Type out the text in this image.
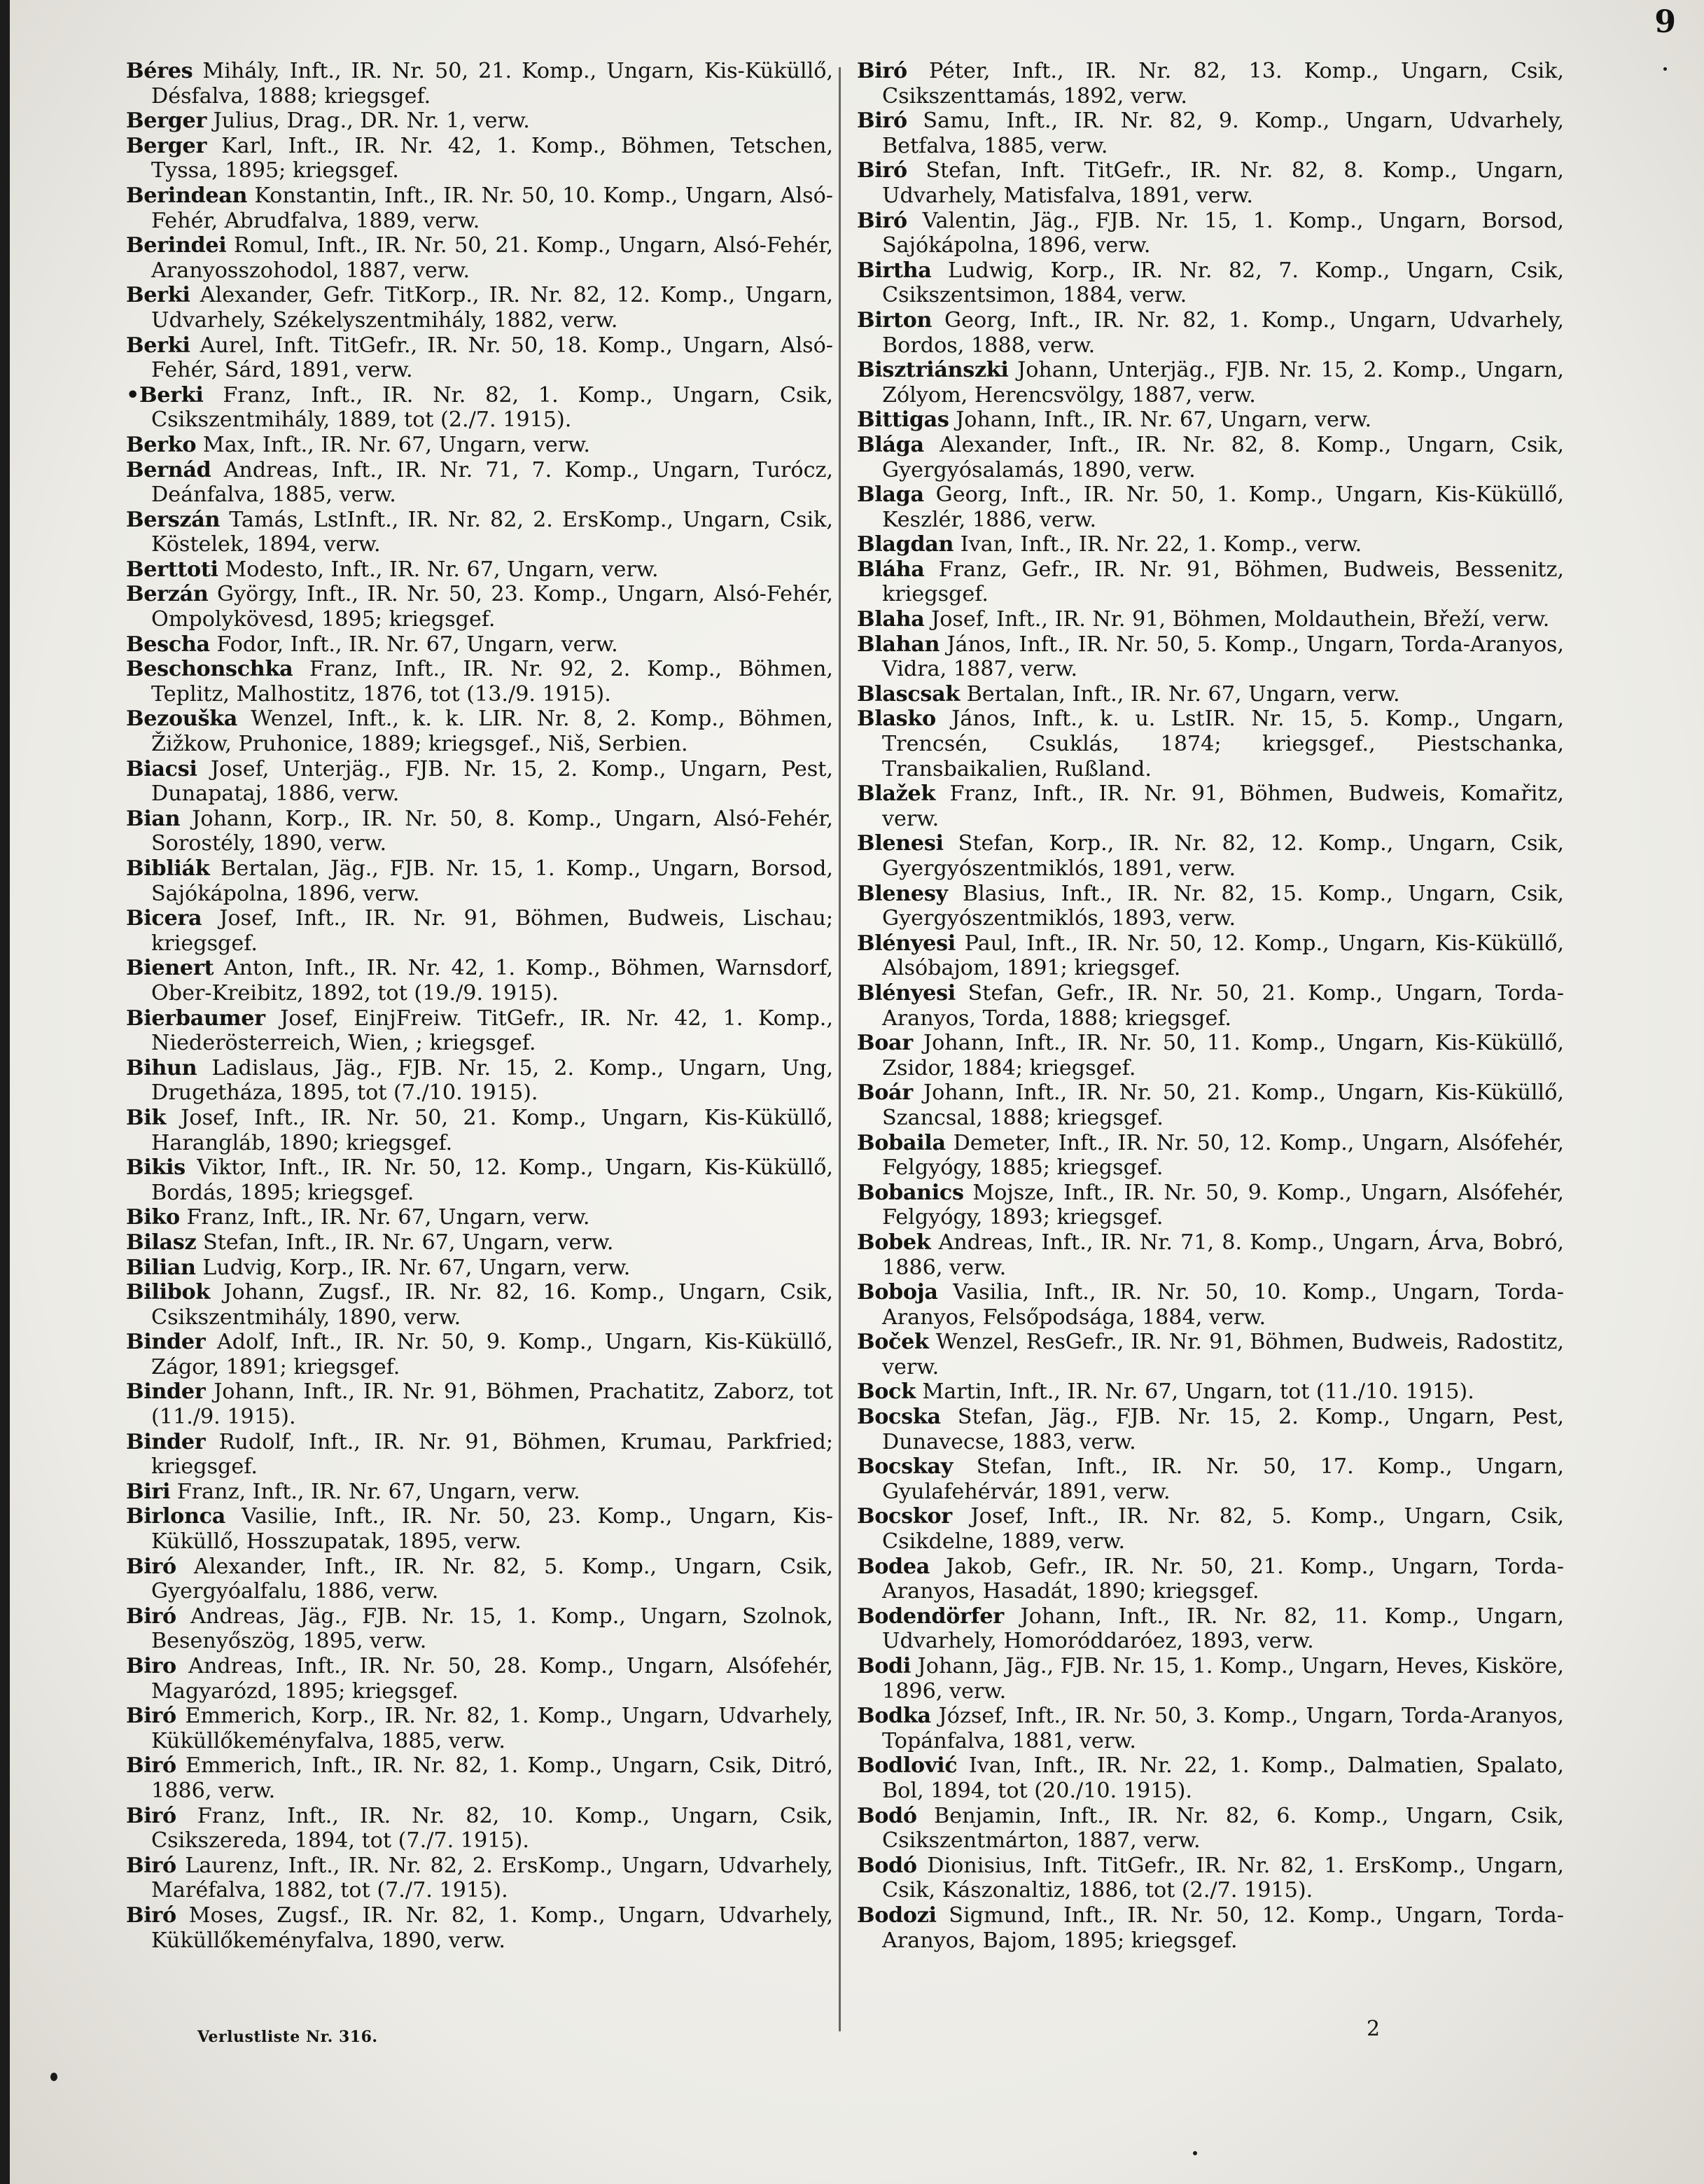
9

Béres Mihály, Inft., IR. Nr. 50, 21. Komp., Ungarn, Kis-Küküllő, Désfalva, 1888; kriegsgef.

Berger Julius, Drag., DR. Nr. 1, verw.

Berger Karl, Inft., IR. Nr. 42, 1. Komp., Böhmen, Tetschen, Tyssa, 1895; kriegsgef.

Berindean Konstantin, Inft., IR. Nr. 50, 10. Komp., Ungarn, Alsó-Fehér, Abrudfalva, 1889, verw.

Berindei Romul, Inft., IR. Nr. 50, 21. Komp., Ungarn, Alsó-Fehér, Aranyosszohodol, 1887, verw.

Berki Alexander, Gefr. TitKorp., IR. Nr. 82, 12. Komp., Ungarn, Udvarhely, Székelyszentmihály, 1882, verw.

Berki Aurel, Inft. TitGefr., IR. Nr. 50, 18. Komp., Ungarn, Alsó-Fehér, Sárd, 1891, verw.

•Berki Franz, Inft., IR. Nr. 82, 1. Komp., Ungarn, Csik, Csikszentmihály, 1889, tot (2./7. 1915).

Berko Max, Inft., IR. Nr. 67, Ungarn, verw.

Bernád Andreas, Inft., IR. Nr. 71, 7. Komp., Ungarn, Turócz, Deánfalva, 1885, verw.

Berszán Tamás, LstInft., IR. Nr. 82, 2. ErsKomp., Ungarn, Csik, Köstelek, 1894, verw.

Berttoti Modesto, Inft., IR. Nr. 67, Ungarn, verw.

Berzán György, Inft., IR. Nr. 50, 23. Komp., Ungarn, Alsó-Fehér, Ompolykövesd, 1895; kriegsgef.

Bescha Fodor, Inft., IR. Nr. 67, Ungarn, verw.

Beschonschka Franz, Inft., IR. Nr. 92, 2. Komp., Böhmen, Teplitz, Malhostitz, 1876, tot (13./9. 1915).

Bezouška Wenzel, Inft., k. k. LIR. Nr. 8, 2. Komp., Böhmen, Žižkow, Pruhonice, 1889; kriegsgef., Niš, Serbien.

Biacsi Josef, Unterjäg., FJB. Nr. 15, 2. Komp., Ungarn, Pest, Dunapataj, 1886, verw.

Bian Johann, Korp., IR. Nr. 50, 8. Komp., Ungarn, Alsó-Fehér, Sorostély, 1890, verw.

Bibliák Bertalan, Jäg., FJB. Nr. 15, 1. Komp., Ungarn, Borsod, Sajókápolna, 1896, verw.

Bicera Josef, Inft., IR. Nr. 91, Böhmen, Budweis, Lischau; kriegsgef.

Bienert Anton, Inft., IR. Nr. 42, 1. Komp., Böhmen, Warnsdorf, Ober-Kreibitz, 1892, tot (19./9. 1915).

Bierbaumer Josef, EinjFreiw. TitGefr., IR. Nr. 42, 1. Komp., Niederösterreich, Wien, ; kriegsgef.

Bihun Ladislaus, Jäg., FJB. Nr. 15, 2. Komp., Ungarn, Ung, Drugetháza, 1895, tot (7./10. 1915).

Bik Josef, Inft., IR. Nr. 50, 21. Komp., Ungarn, Kis-Küküllő, Harangláb, 1890; kriegsgef.

Bikis Viktor, Inft., IR. Nr. 50, 12. Komp., Ungarn, Kis-Küküllő, Bordás, 1895; kriegsgef.

Biko Franz, Inft., IR. Nr. 67, Ungarn, verw.

Bilasz Stefan, Inft., IR. Nr. 67, Ungarn, verw.

Bilian Ludvig, Korp., IR. Nr. 67, Ungarn, verw.

Bilibok Johann, Zugsf., IR. Nr. 82, 16. Komp., Ungarn, Csik, Csikszentmihály, 1890, verw.

Binder Adolf, Inft., IR. Nr. 50, 9. Komp., Ungarn, Kis-Küküllő, Zágor, 1891; kriegsgef.

Binder Johann, Inft., IR. Nr. 91, Böhmen, Prachatitz, Zaborz, tot (11./9. 1915).

Binder Rudolf, Inft., IR. Nr. 91, Böhmen, Krumau, Parkfried; kriegsgef.

Biri Franz, Inft., IR. Nr. 67, Ungarn, verw.

Birlonca Vasilie, Inft., IR. Nr. 50, 23. Komp., Ungarn, Kis-Küküllő, Hosszupatak, 1895, verw.

Biró Alexander, Inft., IR. Nr. 82, 5. Komp., Ungarn, Csik, Gyergyóalfalu, 1886, verw.

Biró Andreas, Jäg., FJB. Nr. 15, 1. Komp., Ungarn, Szolnok, Besenyőszög, 1895, verw.

Biro Andreas, Inft., IR. Nr. 50, 28. Komp., Ungarn, Alsófehér, Magyarózd, 1895; kriegsgef.

Biró Emmerich, Korp., IR. Nr. 82, 1. Komp., Ungarn, Udvarhely, Küküllőkeményfalva, 1885, verw.

Biró Emmerich, Inft., IR. Nr. 82, 1. Komp., Ungarn, Csik, Ditró, 1886, verw.

Biró Franz, Inft., IR. Nr. 82, 10. Komp., Ungarn, Csik, Csikszereda, 1894, tot (7./7. 1915).

Biró Laurenz, Inft., IR. Nr. 82, 2. ErsKomp., Ungarn, Udvarhely, Maréfalva, 1882, tot (7./7. 1915).

Biró Moses, Zugsf., IR. Nr. 82, 1. Komp., Ungarn, Udvarhely, Küküllőkeményfalva, 1890, verw.

Biró Péter, Inft., IR. Nr. 82, 13. Komp., Ungarn, Csik, Csikszenttamás, 1892, verw.

Biró Samu, Inft., IR. Nr. 82, 9. Komp., Ungarn, Udvarhely, Betfalva, 1885, verw.

Biró Stefan, Inft. TitGefr., IR. Nr. 82, 8. Komp., Ungarn, Udvarhely, Matisfalva, 1891, verw.

Biró Valentin, Jäg., FJB. Nr. 15, 1. Komp., Ungarn, Borsod, Sajókápolna, 1896, verw.

Birtha Ludwig, Korp., IR. Nr. 82, 7. Komp., Ungarn, Csik, Csikszentsimon, 1884, verw.

Birton Georg, Inft., IR. Nr. 82, 1. Komp., Ungarn, Udvarhely, Bordos, 1888, verw.

Bisztriánszki Johann, Unterjäg., FJB. Nr. 15, 2. Komp., Ungarn, Zólyom, Herencsvölgy, 1887, verw.

Bittigas Johann, Inft., IR. Nr. 67, Ungarn, verw.

Blága Alexander, Inft., IR. Nr. 82, 8. Komp., Ungarn, Csik, Gyergyósalamás, 1890, verw.

Blaga Georg, Inft., IR. Nr. 50, 1. Komp., Ungarn, Kis-Küküllő, Keszlér, 1886, verw.

Blagdan Ivan, Inft., IR. Nr. 22, 1. Komp., verw.

Bláha Franz, Gefr., IR. Nr. 91, Böhmen, Budweis, Bessenitz, kriegsgef.

Blaha Josef, Inft., IR. Nr. 91, Böhmen, Moldauthein, Břeží, verw.

Blahan János, Inft., IR. Nr. 50, 5. Komp., Ungarn, Torda-Aranyos, Vidra, 1887, verw.

Blascsak Bertalan, Inft., IR. Nr. 67, Ungarn, verw.

Blasko János, Inft., k. u. LstIR. Nr. 15, 5. Komp., Ungarn, Trencsén, Csuklás, 1874; kriegsgef., Piestschanka, Transbaikalien, Rußland.

Blažek Franz, Inft., IR. Nr. 91, Böhmen, Budweis, Komařitz, verw.

Blenesi Stefan, Korp., IR. Nr. 82, 12. Komp., Ungarn, Csik, Gyergyószentmiklós, 1891, verw.

Blenesy Blasius, Inft., IR. Nr. 82, 15. Komp., Ungarn, Csik, Gyergyószentmiklós, 1893, verw.

Blényesi Paul, Inft., IR. Nr. 50, 12. Komp., Ungarn, Kis-Küküllő, Alsóbajom, 1891; kriegsgef.

Blényesi Stefan, Gefr., IR. Nr. 50, 21. Komp., Ungarn, Torda-Aranyos, Torda, 1888; kriegsgef.

Boar Johann, Inft., IR. Nr. 50, 11. Komp., Ungarn, Kis-Küküllő, Zsidor, 1884; kriegsgef.

Boár Johann, Inft., IR. Nr. 50, 21. Komp., Ungarn, Kis-Küküllő, Szancsal, 1888; kriegsgef.

Bobaila Demeter, Inft., IR. Nr. 50, 12. Komp., Ungarn, Alsófehér, Felgyógy, 1885; kriegsgef.

Bobanics Mojsze, Inft., IR. Nr. 50, 9. Komp., Ungarn, Alsófehér, Felgyógy, 1893; kriegsgef.

Bobek Andreas, Inft., IR. Nr. 71, 8. Komp., Ungarn, Árva, Bobró, 1886, verw.

Boboja Vasilia, Inft., IR. Nr. 50, 10. Komp., Ungarn, Torda-Aranyos, Felsőpodsága, 1884, verw.

Boček Wenzel, ResGefr., IR. Nr. 91, Böhmen, Budweis, Radostitz, verw.

Bock Martin, Inft., IR. Nr. 67, Ungarn, tot (11./10. 1915).

Bocska Stefan, Jäg., FJB. Nr. 15, 2. Komp., Ungarn, Pest, Dunavecse, 1883, verw.

Bocskay Stefan, Inft., IR. Nr. 50, 17. Komp., Ungarn, Gyulafehérvár, 1891, verw.

Bocskor Josef, Inft., IR. Nr. 82, 5. Komp., Ungarn, Csik, Csikdelne, 1889, verw.

Bodea Jakob, Gefr., IR. Nr. 50, 21. Komp., Ungarn, Torda-Aranyos, Hasadát, 1890; kriegsgef.

Bodendörfer Johann, Inft., IR. Nr. 82, 11. Komp., Ungarn, Udvarhely, Homoróddaróez, 1893, verw.

Bodi Johann, Jäg., FJB. Nr. 15, 1. Komp., Ungarn, Heves, Kisköre, 1896, verw.

Bodka József, Inft., IR. Nr. 50, 3. Komp., Ungarn, Torda-Aranyos, Topánfalva, 1881, verw.

Bodlović Ivan, Inft., IR. Nr. 22, 1. Komp., Dalmatien, Spalato, Bol, 1894, tot (20./10. 1915).

Bodó Benjamin, Inft., IR. Nr. 82, 6. Komp., Ungarn, Csik, Csikszentmárton, 1887, verw.

Bodó Dionisius, Inft. TitGefr., IR. Nr. 82, 1. ErsKomp., Ungarn, Csik, Kászonaltiz, 1886, tot (2./7. 1915).

Bodozi Sigmund, Inft., IR. Nr. 50, 12. Komp., Ungarn, Torda-Aranyos, Bajom, 1895; kriegsgef.

Verlustliste Nr. 316.	2
